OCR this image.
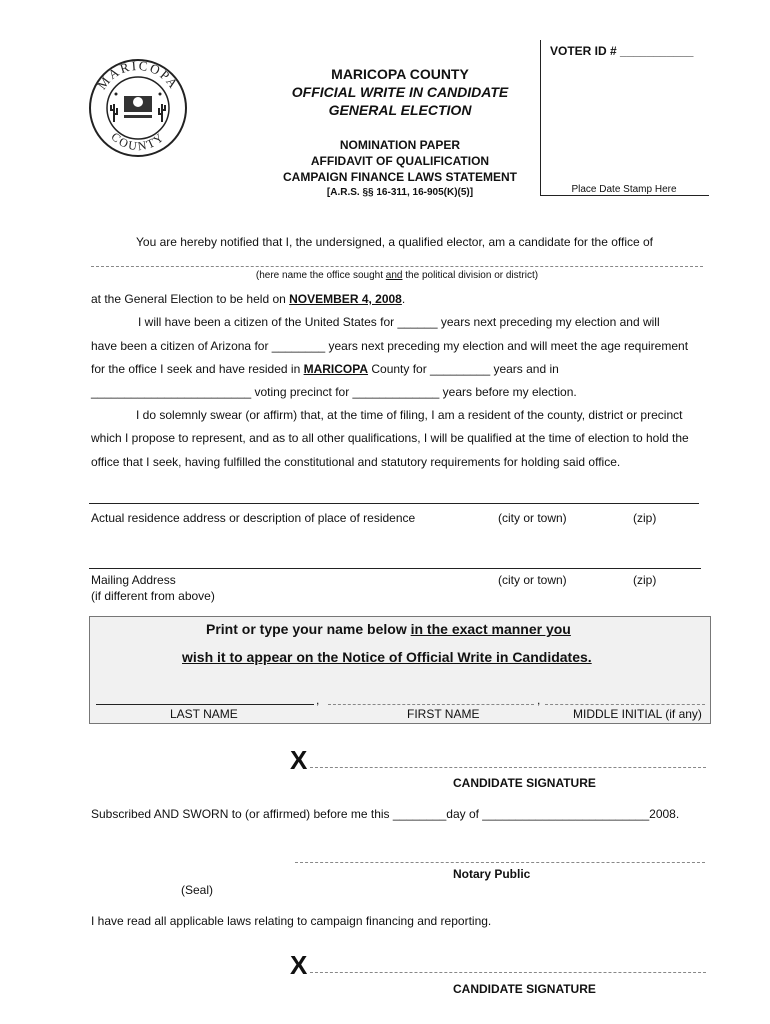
VOTER ID # ___________
MARICOPA
COUNTY
MARICOPA COUNTY
OFFICIAL WRITE IN CANDIDATE
GENERAL ELECTION
NOMINATION PAPER
AFFIDAVIT OF QUALIFICATION
CAMPAIGN FINANCE LAWS STATEMENT
[A.R.S. §§ 16-311, 16-905(K)(5)]	Place Date Stamp Here
You are hereby notified that I, the undersigned, a qualified elector, am a candidate for the office of
(here name the office sought and the political division or district)
at the General Election to be held on NOVEMBER 4, 2008.
I will have been a citizen of the United States for ______ years next preceding my election and will
have been a citizen of Arizona for ________ years next preceding my election and will meet the age requirement
for the office I seek and have resided in MARICOPA County for _________ years and in
________________________ voting precinct for _____________ years before my election.
I do solemnly swear (or affirm) that, at the time of filing, I am a resident of the county, district or precinct
which I propose to represent, and as to all other qualifications, I will be qualified at the time of election to hold the
office that I seek, having fulfilled the constitutional and statutory requirements for holding said office.
Actual residence address or description of place of residence	(city or town)	(zip)
Mailing Address
(if different from above)
(city or town)	(zip)
Print or type your name below in the exact manner you
wish it to appear on the Notice of Official Write in Candidates.
,	,
LAST NAME	FIRST NAME	MIDDLE INITIAL (if any)
X
CANDIDATE SIGNATURE
Subscribed AND SWORN to (or affirmed) before me this ________day of _________________________2008.
Notary Public
(Seal)
I have read all applicable laws relating to campaign financing and reporting.
X
CANDIDATE SIGNATURE
